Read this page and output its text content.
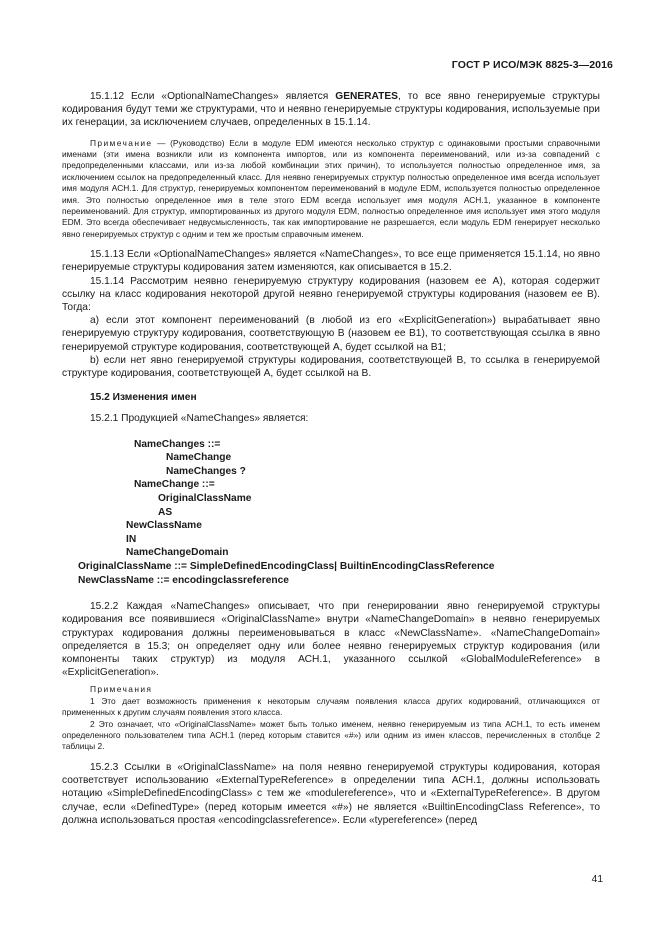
ГОСТ Р ИСО/МЭК 8825-3—2016

15.1.12 Если «OptionalNameChanges» является GENERATES, то все явно генерируемые структуры кодирования будут теми же структурами, что и неявно генерируемые структуры кодирования, используемые при их генерации, за исключением случаев, определенных в 15.1.14.

Примечание — (Руководство) Если в модуле EDM имеются несколько структур с одинаковыми простыми справочными именами (эти имена возникли или из компонента импортов, или из компонента переименований, или из-за совпадений с предопределенными классами, или из-за любой комбинации этих причин), то используется полностью определенное имя, за исключением ссылок на предопределенный класс. Для неявно генерируемых структур полностью определенное имя всегда использует имя модуля АСН.1. Для структур, генерируемых компонентом переименований в модуле EDM, используется полностью определенное имя. Это полностью определенное имя в теле этого EDM всегда использует имя модуля АСН.1, указанное в компоненте переименований. Для структур, импортированных из другого модуля EDM, полностью определенное имя использует имя этого модуля EDM. Это всегда обеспечивает недвусмысленность, так как импортирование не разрешается, если модуль EDM генерирует несколько явно генерируемых структур с одним и тем же простым справочным именем.

15.1.13 Если «OptionalNameChanges» является «NameChanges», то все еще применяется 15.1.14, но явно генерируемые структуры кодирования затем изменяются, как описывается в 15.2.

15.1.14 Рассмотрим неявно генерируемую структуру кодирования (назовем ее А), которая содержит ссылку на класс кодирования некоторой другой неявно генерируемой структуры кодирования (назовем ее В). Тогда:

а) если этот компонент переименований (в любой из его «ExplicitGeneration») вырабатывает явно генерируемую структуру кодирования, соответствующую В (назовем ее В1), то соответствующая ссылка в явно генерируемой структуре кодирования, соответствующей А, будет ссылкой на В1;

b) если нет явно генерируемой структуры кодирования, соответствующей В, то ссылка в генерируемой структуре кодирования, соответствующей А, будет ссылкой на В.

15.2 Изменения имен

15.2.1 Продукцией «NameChanges» является:

NameChanges ::=

NameChange

NameChanges ?

NameChange ::=

OriginalClassName

AS

NewClassName

IN

NameChangeDomain

OriginalClassName ::= SimpleDefinedEncodingClass| BuiltinEncodingClassReference

NewClassName ::= encodingclassreference

15.2.2 Каждая «NameChanges» описывает, что при генерировании явно генерируемой структуры кодирования все появившиеся «OriginalClassName» внутри «NameChangeDomain» в неявно генерируемых структурах кодирования должны переименовываться в класс «NewClassName». «NameChangeDomain» определяется в 15.3; он определяет одну или более неявно генерируемых структур кодирования (или компоненты таких структур) из модуля АСН.1, указанного ссылкой «GlobalModuleReference» в «ExplicitGeneration».

Примечания

1 Это дает возможность применения к некоторым случаям появления класса других кодирований, отличающихся от примененных к другим случаям появления этого класса.

2 Это означает, что «OriginalClassName» может быть только именем, неявно генерируемым из типа АСН.1, то есть именем определенного пользователем типа АСН.1 (перед которым ставится «#») или одним из имен классов, перечисленных в столбце 2 таблицы 2.

15.2.3 Ссылки в «OriginalClassName» на поля неявно генерируемой структуры кодирования, которая соответствует использованию «ExternalTypeReference» в определении типа АСН.1, должны использовать нотацию «SimpleDefinedEncodingClass» с тем же «modulereference», что и «ExternalTypeReference». В другом случае, если «DefinedType» (перед которым имеется «#») не является «BuiltinEncodingClass Reference», то должна использоваться простая «encodingclassreference». Если «typereference» (перед

41
